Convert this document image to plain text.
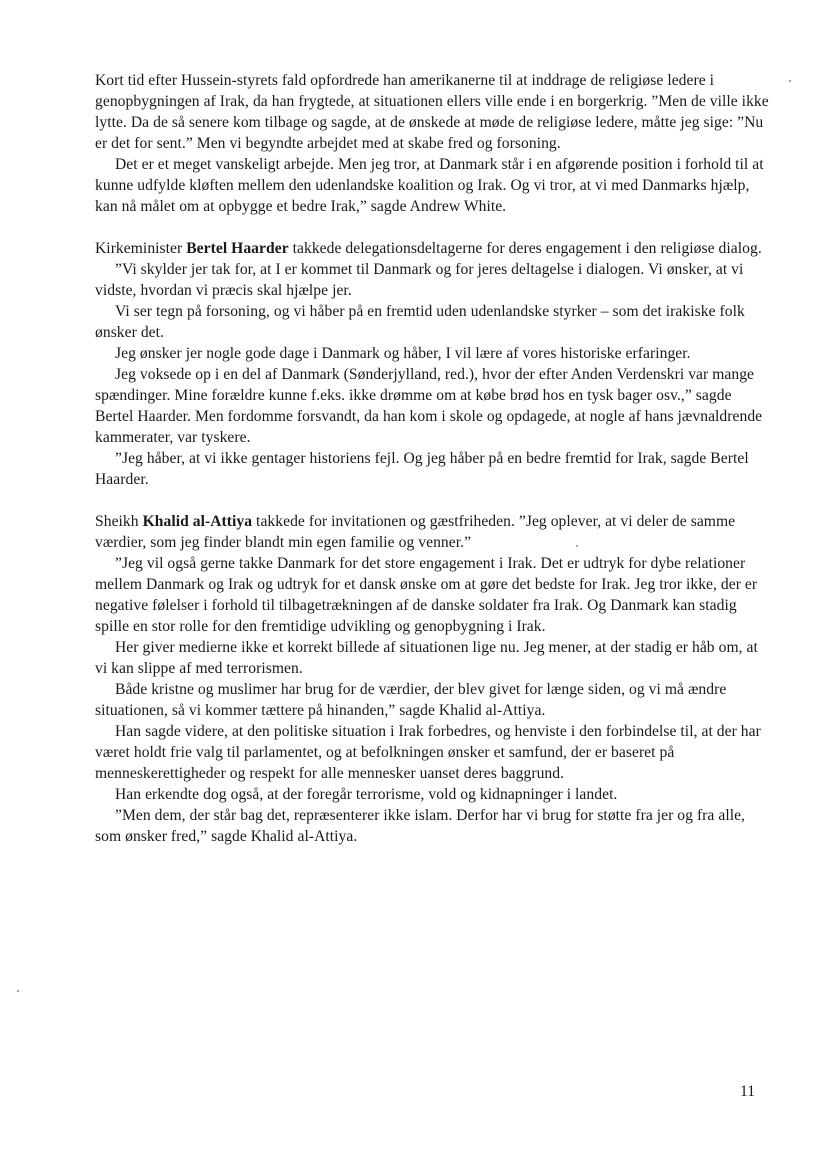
Kort tid efter Hussein-styrets fald opfordrede han amerikanerne til at inddrage de religiøse ledere i genopbygningen af Irak, da han frygtede, at situationen ellers ville ende i en borgerkrig. ”Men de ville ikke lytte. Da de så senere kom tilbage og sagde, at de ønskede at møde de religiøse ledere, måtte jeg sige: ”Nu er det for sent.” Men vi begyndte arbejdet med at skabe fred og forsoning.

Det er et meget vanskeligt arbejde. Men jeg tror, at Danmark står i en afgørende position i forhold til at kunne udfylde kløften mellem den udenlandske koalition og Irak. Og vi tror, at vi med Danmarks hjælp, kan nå målet om at opbygge et bedre Irak,” sagde Andrew White.

Kirkeminister Bertel Haarder takkede delegationsdeltagerne for deres engagement i den religiøse dialog.

”Vi skylder jer tak for, at I er kommet til Danmark og for jeres deltagelse i dialogen. Vi ønsker, at vi vidste, hvordan vi præcis skal hjælpe jer.

Vi ser tegn på forsoning, og vi håber på en fremtid uden udenlandske styrker – som det irakiske folk ønsker det.

Jeg ønsker jer nogle gode dage i Danmark og håber, I vil lære af vores historiske erfaringer.

Jeg voksede op i en del af Danmark (Sønderjylland, red.), hvor der efter Anden Verdenskri var mange spændinger. Mine forældre kunne f.eks. ikke drømme om at købe brød hos en tysk bager osv.,” sagde Bertel Haarder. Men fordomme forsvandt, da han kom i skole og opdagede, at nogle af hans jævnaldrende kammerater, var tyskere.

”Jeg håber, at vi ikke gentager historiens fejl. Og jeg håber på en bedre fremtid for Irak, sagde Bertel Haarder.

Sheikh Khalid al-Attiya takkede for invitationen og gæstfriheden. ”Jeg oplever, at vi deler de samme værdier, som jeg finder blandt min egen familie og venner.”

”Jeg vil også gerne takke Danmark for det store engagement i Irak. Det er udtryk for dybe relationer mellem Danmark og Irak og udtryk for et dansk ønske om at gøre det bedste for Irak. Jeg tror ikke, der er negative følelser i forhold til tilbagetrækningen af de danske soldater fra Irak. Og Danmark kan stadig spille en stor rolle for den fremtidige udvikling og genopbygning i Irak.

Her giver medierne ikke et korrekt billede af situationen lige nu. Jeg mener, at der stadig er håb om, at vi kan slippe af med terrorismen.

Både kristne og muslimer har brug for de værdier, der blev givet for længe siden, og vi må ændre situationen, så vi kommer tættere på hinanden,” sagde Khalid al-Attiya.

Han sagde videre, at den politiske situation i Irak forbedres, og henviste i den forbindelse til, at der har været holdt frie valg til parlamentet, og at befolkningen ønsker et samfund, der er baseret på menneskerettigheder og respekt for alle mennesker uanset deres baggrund.

Han erkendte dog også, at der foregår terrorisme, vold og kidnapninger i landet.

”Men dem, der står bag det, repræsenterer ikke islam. Derfor har vi brug for støtte fra jer og fra alle, som ønsker fred,” sagde Khalid al-Attiya.

11
